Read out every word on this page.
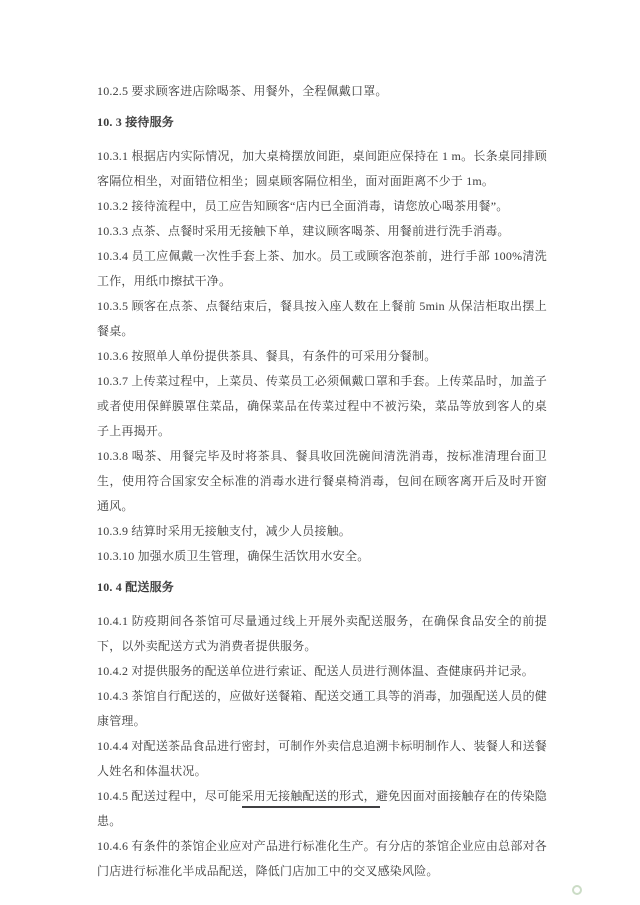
10.2.5 要求顾客进店除喝茶、用餐外，全程佩戴口罩。
10. 3 接待服务
10.3.1 根据店内实际情况，加大桌椅摆放间距，桌间距应保持在 1 m。长条桌同排顾客隔位相坐，对面错位相坐；圆桌顾客隔位相坐，面对面距离不少于 1m。
10.3.2 接待流程中，员工应告知顾客“店内已全面消毒，请您放心喝茶用餐”。
10.3.3 点茶、点餐时采用无接触下单，建议顾客喝茶、用餐前进行洗手消毒。
10.3.4 员工应佩戴一次性手套上茶、加水。员工或顾客泡茶前，进行手部 100%清洗工作，用纸巾擦拭干净。
10.3.5 顾客在点茶、点餐结束后，餐具按入座人数在上餐前 5min 从保洁柜取出摆上餐桌。
10.3.6 按照单人单份提供茶具、餐具，有条件的可采用分餐制。
10.3.7 上传菜过程中，上菜员、传菜员工必须佩戴口罩和手套。上传菜品时，加盖子或者使用保鲜膜罩住菜品，确保菜品在传菜过程中不被污染，菜品等放到客人的桌子上再揭开。
10.3.8 喝茶、用餐完毕及时将茶具、餐具收回洗碗间清洗消毒，按标准清理台面卫生，使用符合国家安全标准的消毒水进行餐桌椅消毒，包间在顾客离开后及时开窗通风。
10.3.9 结算时采用无接触支付，减少人员接触。
10.3.10 加强水质卫生管理，确保生活饮用水安全。
10. 4 配送服务
10.4.1 防疫期间各茶馆可尽量通过线上开展外卖配送服务，在确保食品安全的前提下，以外卖配送方式为消费者提供服务。
10.4.2 对提供服务的配送单位进行索证、配送人员进行测体温、查健康码并记录。
10.4.3 茶馆自行配送的，应做好送餐箱、配送交通工具等的消毒，加强配送人员的健康管理。
10.4.4 对配送茶品食品进行密封，可制作外卖信息追溯卡标明制作人、装餐人和送餐人姓名和体温状况。
10.4.5 配送过程中，尽可能采用无接触配送的形式，避免因面对面接触存在的传染隐患。
10.4.6 有条件的茶馆企业应对产品进行标准化生产。有分店的茶馆企业应由总部对各门店进行标准化半成品配送，降低门店加工中的交叉感染风险。
